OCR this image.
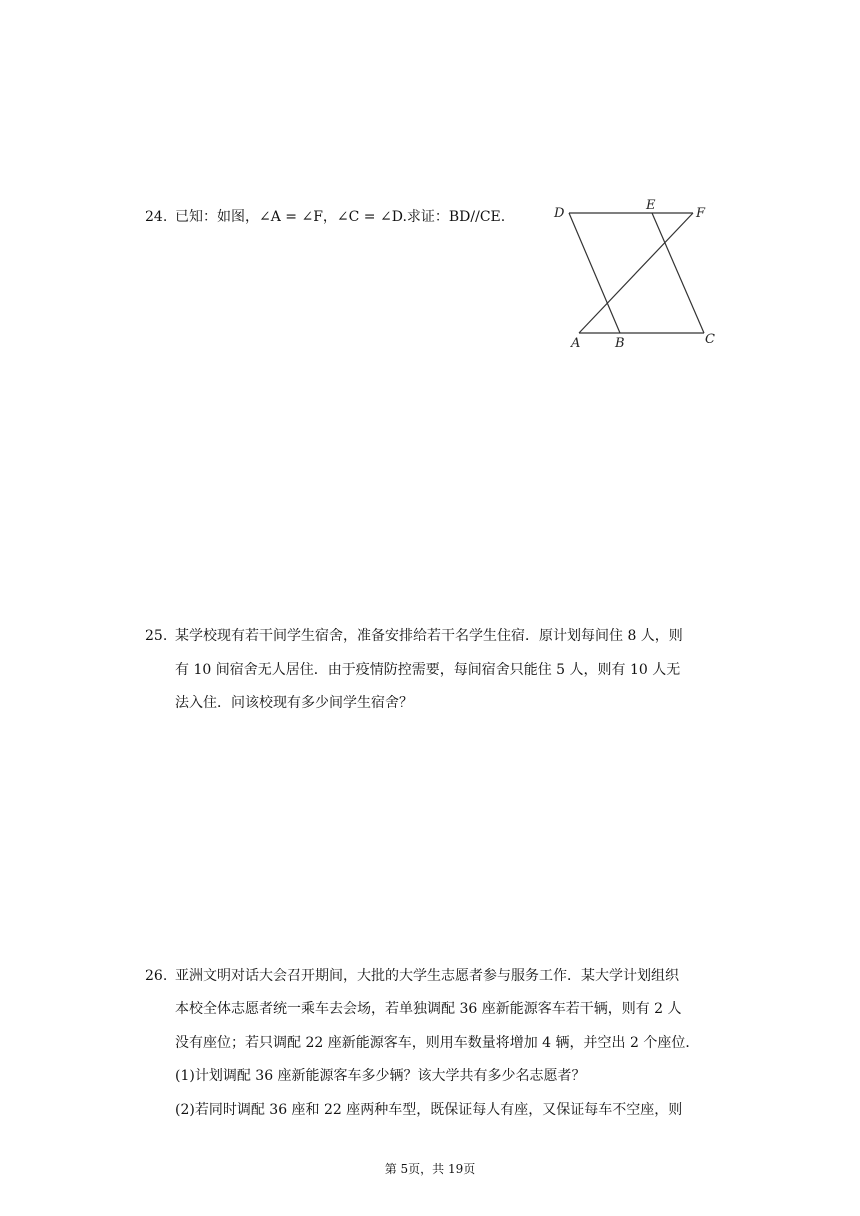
24. 已知：如图，∠A = ∠F，∠C = ∠D.求证：BD//CE.	D
E
F
A	B	C
25. 某学校现有若干间学生宿舍，准备安排给若干名学生住宿．原计划每间住 8 人，则
有 10 间宿舍无人居住．由于疫情防控需要，每间宿舍只能住 5 人，则有 10 人无
法入住．问该校现有多少间学生宿舍？
26. 亚洲文明对话大会召开期间，大批的大学生志愿者参与服务工作．某大学计划组织
本校全体志愿者统一乘车去会场，若单独调配 36 座新能源客车若干辆，则有 2 人
没有座位；若只调配 22 座新能源客车，则用车数量将增加 4 辆，并空出 2 个座位．
(1)计划调配 36 座新能源客车多少辆？该大学共有多少名志愿者？
(2)若同时调配 36 座和 22 座两种车型，既保证每人有座，又保证每车不空座，则
第 5页，共 19页
